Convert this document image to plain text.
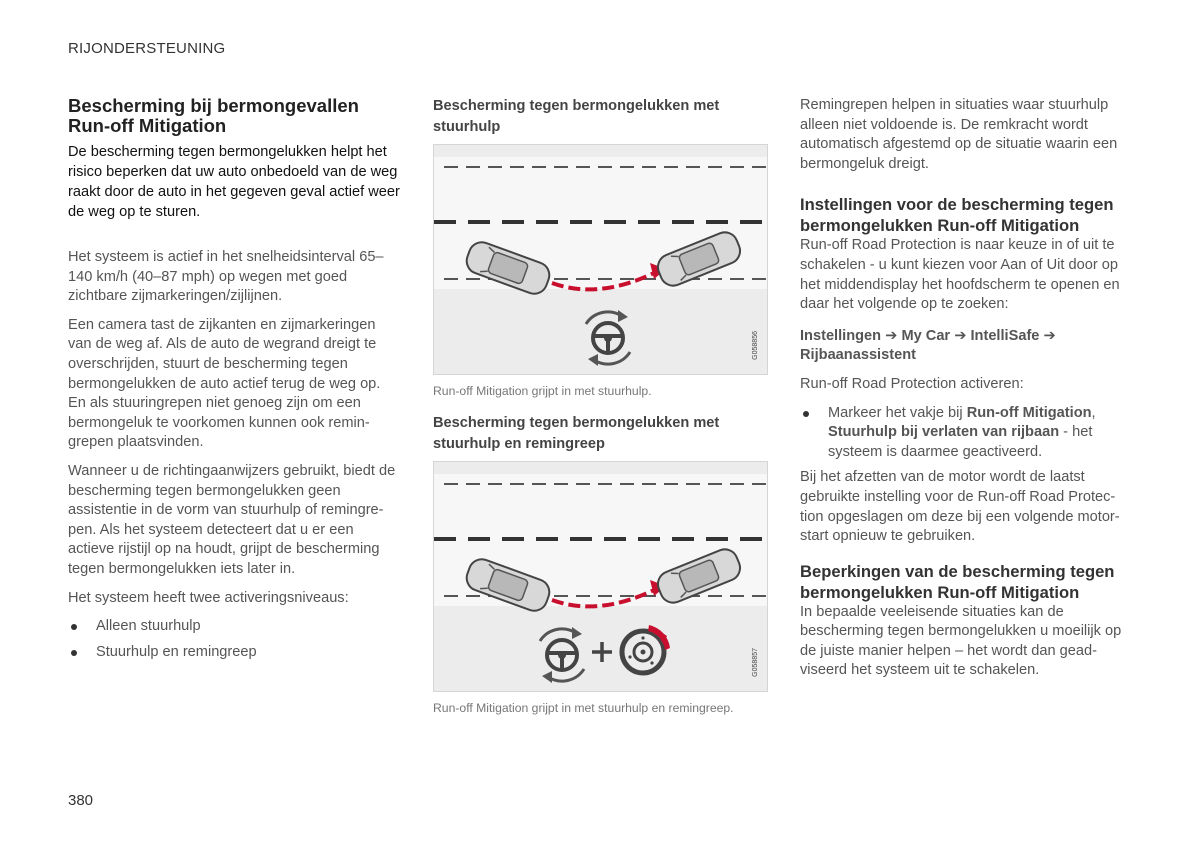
RIJONDERSTEUNING
Bescherming bij bermongevallen
Run-off Mitigation
De bescherming tegen bermongelukken helpt het risico beperken dat uw auto onbedoeld van de weg raakt door de auto in het gegeven geval actief weer de weg op te sturen.

Het systeem is actief in het snelheidsinterval 65–140 km/h (40–87 mph) op wegen met goed zichtbare zijmarkeringen/zijlijnen.

Een camera tast de zijkanten en zijmarkeringen van de weg af. Als de auto de wegrand dreigt te overschrijden, stuurt de bescherming tegen bermongelukken de auto actief terug de weg op. En als stuuringrepen niet genoeg zijn om een bermongeluk te voorkomen kunnen ook remin-grepen plaatsvinden.

Wanneer u de richtingaanwijzers gebruikt, biedt de bescherming tegen bermongelukken geen assistentie in de vorm van stuurhulp of remingre-pen. Als het systeem detecteert dat u er een actieve rijstijl op na houdt, grijpt de bescherming tegen bermongelukken iets later in.

Het systeem heeft twee activeringsniveaus:

Alleen stuurhulp
Stuurhulp en remingreep
Bescherming tegen bermongelukken met stuurhulp
G058856
Run-off Mitigation grijpt in met stuurhulp.
Bescherming tegen bermongelukken met stuurhulp en remingreep
G058857
Run-off Mitigation grijpt in met stuurhulp en remingreep.

Remingrepen helpen in situaties waar stuurhulp alleen niet voldoende is. De remkracht wordt automatisch afgestemd op de situatie waarin een bermongeluk dreigt.

Instellingen voor de bescherming tegen bermongelukken Run-off Mitigation

Run-off Road Protection is naar keuze in of uit te schakelen - u kunt kiezen voor Aan of Uit door op het middendisplay het hoofdscherm te openen en daar het volgende op te zoeken:

Instellingen ➔ My Car ➔ IntelliSafe ➔
Rijbaanassistent

Run-off Road Protection activeren:

Markeer het vakje bij Run-off Mitigation, Stuurhulp bij verlaten van rijbaan - het systeem is daarmee geactiveerd.

Bij het afzetten van de motor wordt de laatst gebruikte instelling voor de Run-off Road Protec-tion opgeslagen om deze bij een volgende motor-start opnieuw te gebruiken.

Beperkingen van de bescherming tegen bermongelukken Run-off Mitigation

In bepaalde veeleisende situaties kan de bescherming tegen bermongelukken u moeilijk op de juiste manier helpen – het wordt dan gead-viseerd het systeem uit te schakelen.

380
